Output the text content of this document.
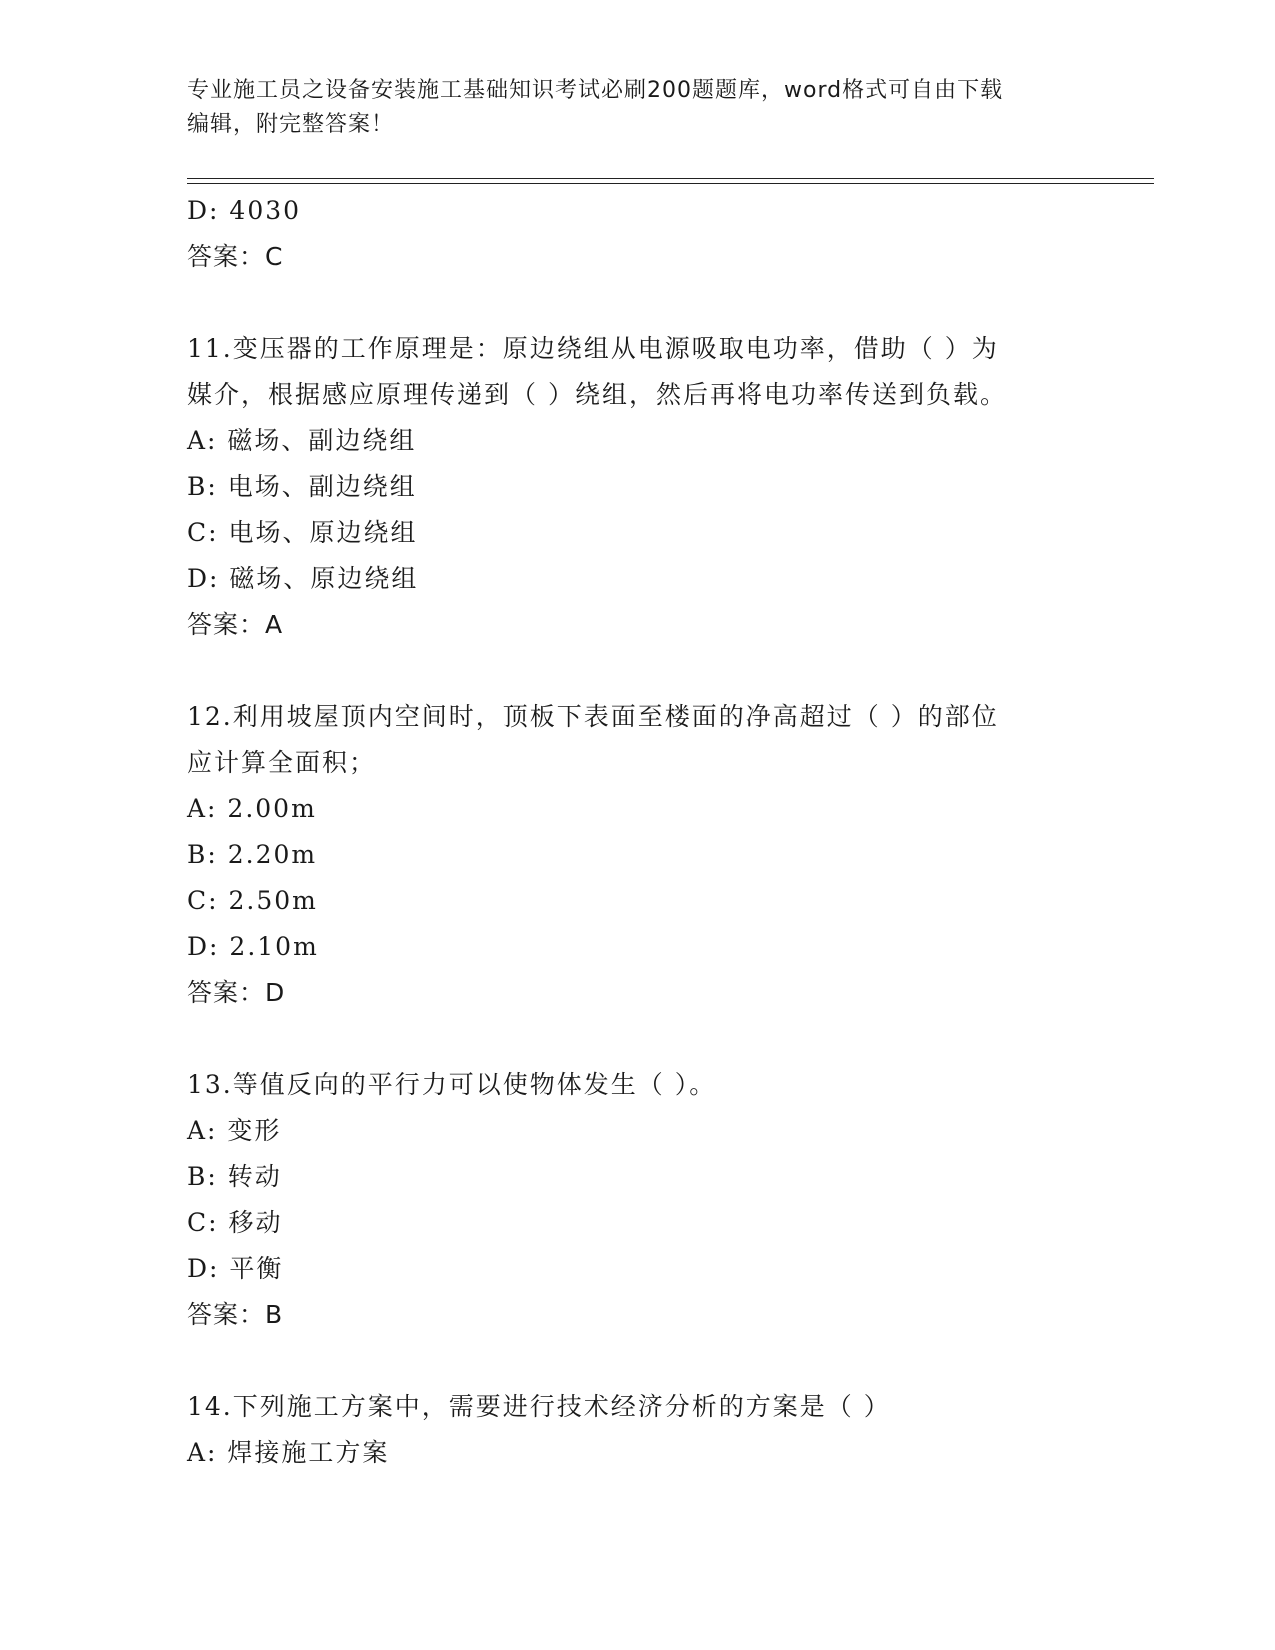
专业施工员之设备安装施工基础知识考试必刷200题题库，word格式可自由下载
编辑，附完整答案！
D: 4030
答案：C
11.变压器的工作原理是：原边绕组从电源吸取电功率，借助（ ）为
媒介，根据感应原理传递到（ ）绕组，然后再将电功率传送到负载。
A: 磁场、副边绕组
B: 电场、副边绕组
C: 电场、原边绕组
D: 磁场、原边绕组
答案：A
12.利用坡屋顶内空间时，顶板下表面至楼面的净高超过（ ）的部位
应计算全面积；
A: 2.00m
B: 2.20m
C: 2.50m
D: 2.10m
答案：D
13.等值反向的平行力可以使物体发生（ ）。
A: 变形
B: 转动
C: 移动
D: 平衡
答案：B
14.下列施工方案中，需要进行技术经济分析的方案是（ ）
A: 焊接施工方案
